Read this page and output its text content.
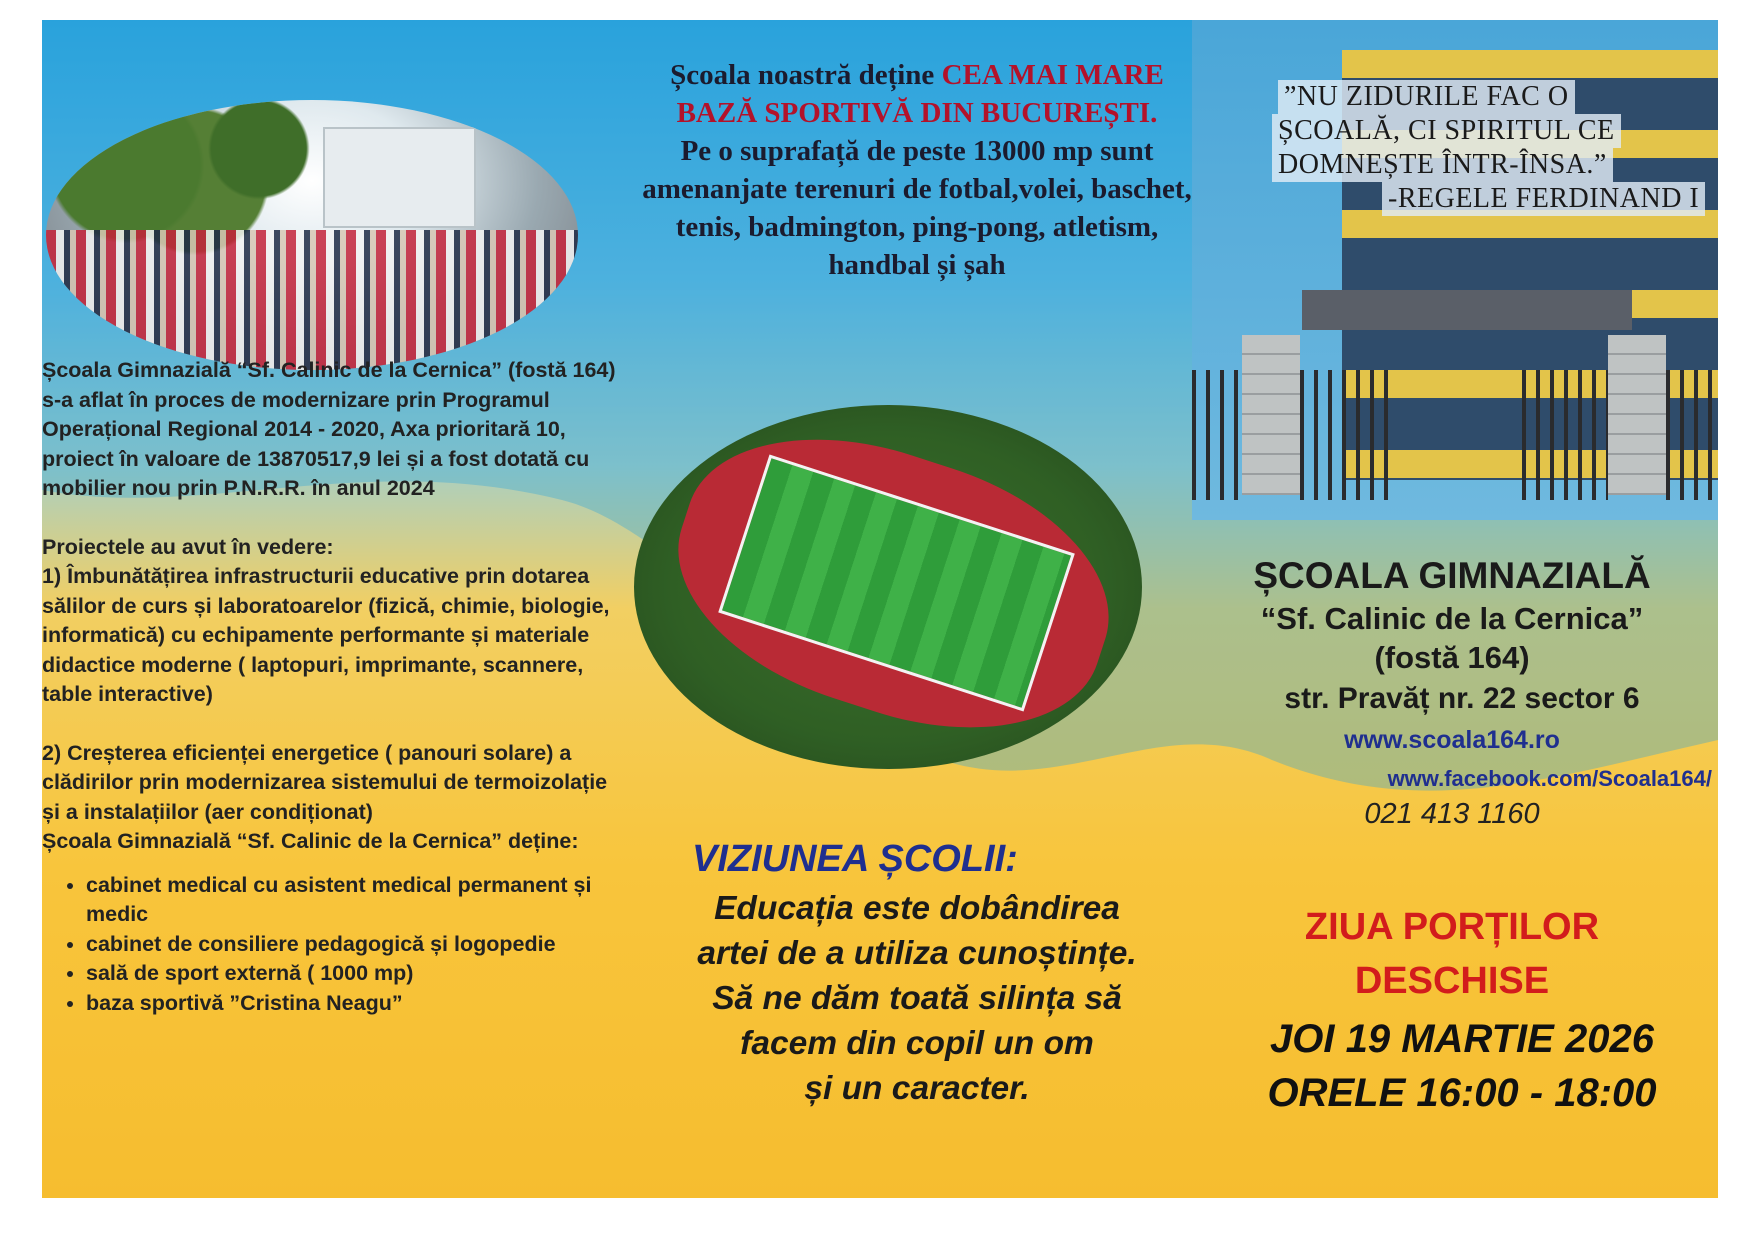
Școala noastră deține CEA MAI MARE BAZĂ SPORTIVĂ DIN BUCUREȘTI.
Pe o suprafață de peste 13000 mp sunt amenanjate terenuri de fotbal,volei, baschet, tenis, badmington, ping-pong, atletism, handbal și șah
”NU ZIDURILE FAC O
ȘCOALĂ, CI SPIRITUL CE
DOMNEȘTE ÎNTR-ÎNSA.”
-REGELE FERDINAND I

Școala Gimnazială “Sf. Calinic de la Cernica” (fostă 164) s-a aflat în proces de modernizare prin Programul Operațional Regional 2014 - 2020, Axa prioritară 10, proiect în valoare de 13870517,9 lei și a fost dotată cu mobilier nou prin P.N.R.R. în anul 2024

Proiectele au avut în vedere:

1) Îmbunătățirea infrastructurii educative prin dotarea sălilor de curs și laboratoarelor (fizică, chimie, biologie, informatică) cu echipamente performante și materiale didactice moderne ( laptopuri, imprimante, scannere, table interactive)

2) Creșterea eficienței energetice ( panouri solare) a clădirilor prin modernizarea sistemului de termoizolație și a instalațiilor (aer condiționat)

Școala Gimnazială “Sf. Calinic de la Cernica” deține:

• cabinet medical cu asistent medical permanent și medic
• cabinet de consiliere pedagogică și logopedie
• sală de sport externă ( 1000 mp)
• baza sportivă ”Cristina Neagu”
VIZIUNEA ȘCOLII:
Educația este dobândirea
artei de a utiliza cunoștințe.
Să ne dăm toată silința să
facem din copil un om
și un caracter.
ȘCOALA GIMNAZIALĂ
“Sf. Calinic de la Cernica”
(fostă 164)
str. Pravăț nr. 22 sector 6
www.scoala164.ro
www.facebook.com/Scoala164/
021 413 1160
ZIUA PORȚILOR
DESCHISE
JOI 19 MARTIE 2026
ORELE 16:00 - 18:00
